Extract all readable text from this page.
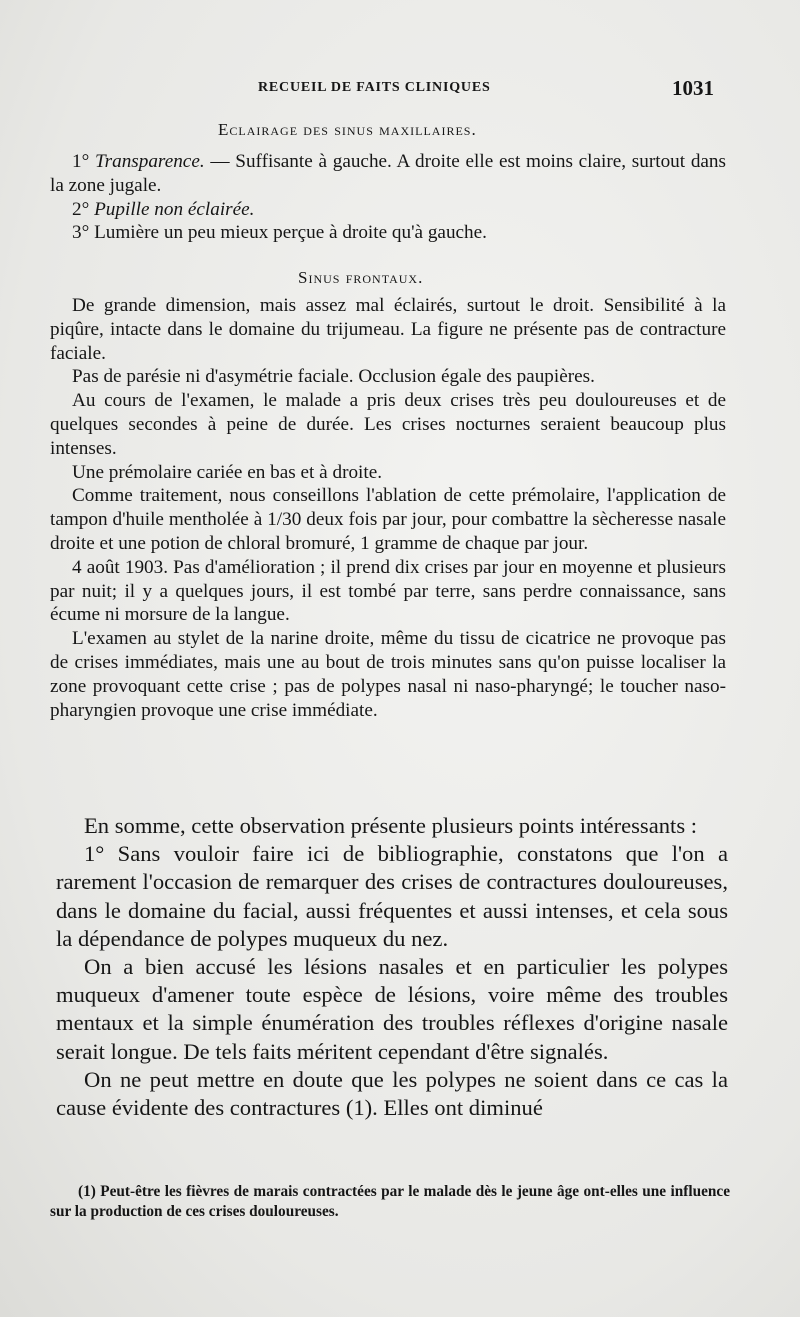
RECUEIL DE FAITS CLINIQUES	1031
Eclairage des sinus maxillaires.

1° Transparence. — Suffisante à gauche. A droite elle est moins claire, surtout dans la zone jugale.

2° Pupille non éclairée.

3° Lumière un peu mieux perçue à droite qu'à gauche.

Sinus frontaux.

De grande dimension, mais assez mal éclairés, surtout le droit. Sensibilité à la piqûre, intacte dans le domaine du trijumeau. La figure ne présente pas de contracture faciale.

Pas de parésie ni d'asymétrie faciale. Occlusion égale des paupières.

Au cours de l'examen, le malade a pris deux crises très peu douloureuses et de quelques secondes à peine de durée. Les crises nocturnes seraient beaucoup plus intenses.

Une prémolaire cariée en bas et à droite.

Comme traitement, nous conseillons l'ablation de cette prémolaire, l'application de tampon d'huile mentholée à 1/30 deux fois par jour, pour combattre la sècheresse nasale droite et une potion de chloral bromuré, 1 gramme de chaque par jour.

4 août 1903. Pas d'amélioration ; il prend dix crises par jour en moyenne et plusieurs par nuit; il y a quelques jours, il est tombé par terre, sans perdre connaissance, sans écume ni morsure de la langue.

L'examen au stylet de la narine droite, même du tissu de cicatrice ne provoque pas de crises immédiates, mais une au bout de trois minutes sans qu'on puisse localiser la zone provoquant cette crise ; pas de polypes nasal ni naso-pharyngé; le toucher naso-pharyngien provoque une crise immédiate.

En somme, cette observation présente plusieurs points intéressants :

1° Sans vouloir faire ici de bibliographie, constatons que l'on a rarement l'occasion de remarquer des crises de contractures douloureuses, dans le domaine du facial, aussi fréquentes et aussi intenses, et cela sous la dépendance de polypes muqueux du nez.

On a bien accusé les lésions nasales et en particulier les polypes muqueux d'amener toute espèce de lésions, voire même des troubles mentaux et la simple énumération des troubles réflexes d'origine nasale serait longue. De tels faits méritent cependant d'être signalés.

On ne peut mettre en doute que les polypes ne soient dans ce cas la cause évidente des contractures (1). Elles ont diminué

(1) Peut-être les fièvres de marais contractées par le malade dès le jeune âge ont-elles une influence sur la production de ces crises douloureuses.
